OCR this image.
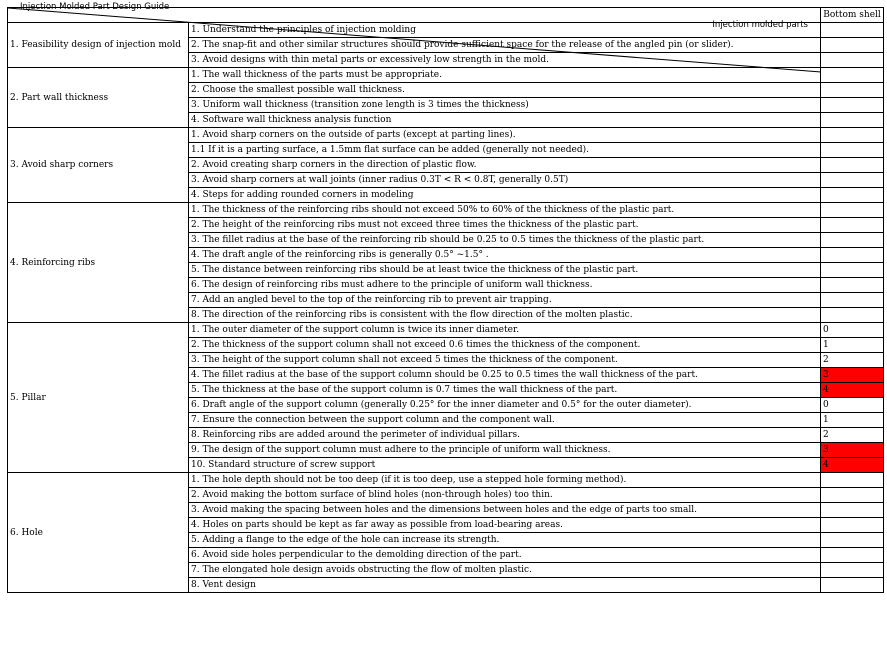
Injection molded parts
Injection Molded Part Design Guide		Bottom shell
1. Feasibility design of injection mold	1. Understand the principles of injection molding	
	2. The snap-fit and other similar structures should provide sufficient space for the release of the angled pin (or slider).	
	3. Avoid designs with thin metal parts or excessively low strength in the mold.	
2. Part wall thickness	1. The wall thickness of the parts must be appropriate.	
	2. Choose the smallest possible wall thickness.	
	3. Uniform wall thickness (transition zone length is 3 times the thickness)	
	4. Software wall thickness analysis function	
3. Avoid sharp corners	1. Avoid sharp corners on the outside of parts (except at parting lines).	
	1.1 If it is a parting surface, a 1.5mm flat surface can be added (generally not needed).	
	2. Avoid creating sharp corners in the direction of plastic flow.	
	3. Avoid sharp corners at wall joints (inner radius 0.3T < R < 0.8T, generally 0.5T)	
	4. Steps for adding rounded corners in modeling	
4. Reinforcing ribs	1. The thickness of the reinforcing ribs should not exceed 50% to 60% of the thickness of the plastic part.	
	2. The height of the reinforcing ribs must not exceed three times the thickness of the plastic part.	
	3. The fillet radius at the base of the reinforcing rib should be 0.25 to 0.5 times the thickness of the plastic part.	
	4. The draft angle of the reinforcing ribs is generally 0.5° ~1.5° .	
	5. The distance between reinforcing ribs should be at least twice the thickness of the plastic part.	
	6. The design of reinforcing ribs must adhere to the principle of uniform wall thickness.	
	7. Add an angled bevel to the top of the reinforcing rib to prevent air trapping.	
	8. The direction of the reinforcing ribs is consistent with the flow direction of the molten plastic.	
5. Pillar	1. The outer diameter of the support column is twice its inner diameter.	0
	2. The thickness of the support column shall not exceed 0.6 times the thickness of the component.	1
	3. The height of the support column shall not exceed 5 times the thickness of the component.	2
	4. The fillet radius at the base of the support column should be 0.25 to 0.5 times the wall thickness of the part.	3
	5. The thickness at the base of the support column is 0.7 times the wall thickness of the part.	4
	6. Draft angle of the support column (generally 0.25° for the inner diameter and 0.5° for the outer diameter).	0
	7. Ensure the connection between the support column and the component wall.	1
	8. Reinforcing ribs are added around the perimeter of individual pillars.	2
	9. The design of the support column must adhere to the principle of uniform wall thickness.	3
	10. Standard structure of screw support	4
6. Hole	1. The hole depth should not be too deep (if it is too deep, use a stepped hole forming method).	
	2. Avoid making the bottom surface of blind holes (non-through holes) too thin.	
	3. Avoid making the spacing between holes and the dimensions between holes and the edge of parts too small.	
	4. Holes on parts should be kept as far away as possible from load-bearing areas.	
	5. Adding a flange to the edge of the hole can increase its strength.	
	6. Avoid side holes perpendicular to the demolding direction of the part.	
	7. The elongated hole design avoids obstructing the flow of molten plastic.	
	8. Vent design	
